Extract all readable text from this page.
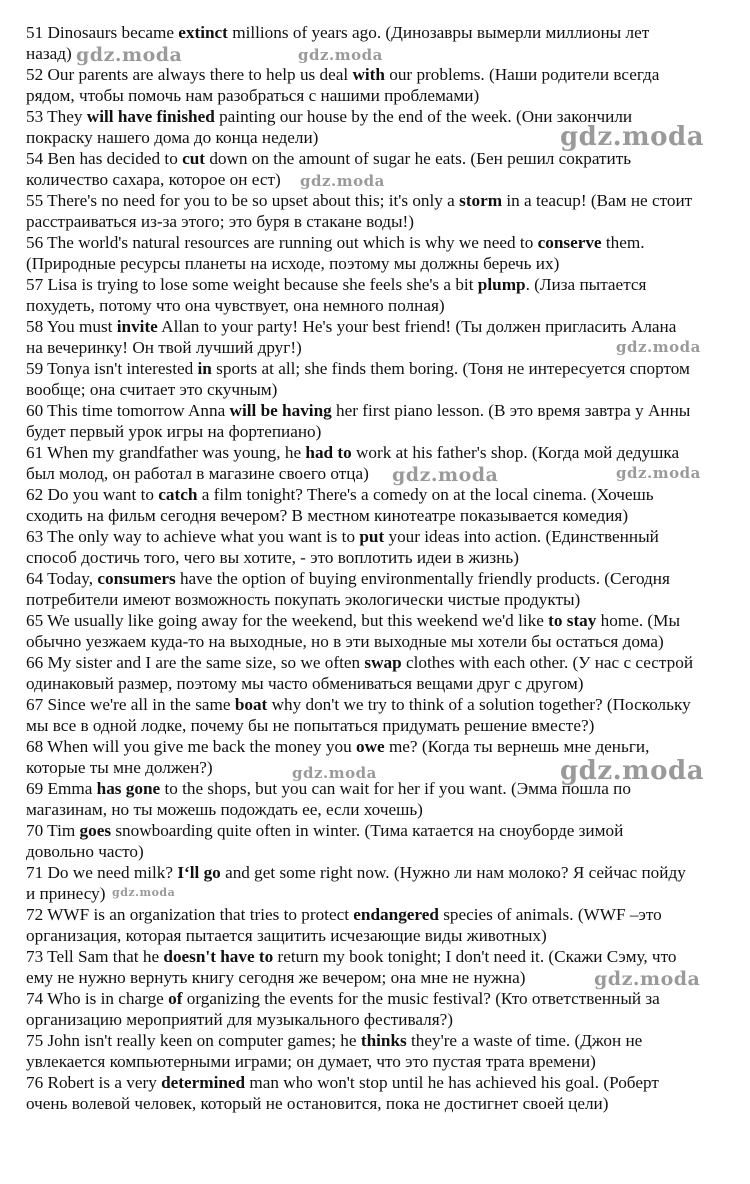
51 Dinosaurs became extinct millions of years ago. (Динозавры вымерли миллионы лет
назад)
52 Our parents are always there to help us deal with our problems. (Наши родители всегда
рядом, чтобы помочь нам разобраться с нашими проблемами)
53 They will have finished painting our house by the end of the week. (Они закончили
покраску нашего дома до конца недели)
54 Ben has decided to cut down on the amount of sugar he eats. (Бен решил сократить
количество сахара, которое он ест)
55 There's no need for you to be so upset about this; it's only a storm in a teacup! (Вам не стоит
расстраиваться из-за этого; это буря в стакане воды!)
56 The world's natural resources are running out which is why we need to conserve them.
(Природные ресурсы планеты на исходе, поэтому мы должны беречь их)
57 Lisa is trying to lose some weight because she feels she's a bit plump. (Лиза пытается
похудеть, потому что она чувствует, она немного полная)
58 You must invite Allan to your party! He's your best friend! (Ты должен пригласить Алана
на вечеринку! Он твой лучший друг!)
59 Tonya isn't interested in sports at all; she finds them boring. (Тоня не интересуется спортом
вообще; она считает это скучным)
60 This time tomorrow Anna will be having her first piano lesson. (В это время завтра у Анны
будет первый урок игры на фортепиано)
61 When my grandfather was young, he had to work at his father's shop. (Когда мой дедушка
был молод, он работал в магазине своего отца)
62 Do you want to catch a film tonight? There's a comedy on at the local cinema. (Хочешь
сходить на фильм сегодня вечером? В местном кинотеатре показывается комедия)
63 The only way to achieve what you want is to put your ideas into action. (Единственный
способ достичь того, чего вы хотите, - это воплотить идеи в жизнь)
64 Today, consumers have the option of buying environmentally friendly products. (Сегодня
потребители имеют возможность покупать экологически чистые продукты)
65 We usually like going away for the weekend, but this weekend we'd like to stay home. (Мы
обычно уезжаем куда-то на выходные, но в эти выходные мы хотели бы остаться дома)
66 My sister and I are the same size, so we often swap clothes with each other. (У нас с сестрой
одинаковый размер, поэтому мы часто обмениваться вещами друг с другом)
67 Since we're all in the same boat why don't we try to think of a solution together? (Поскольку
мы все в одной лодке, почему бы не попытаться придумать решение вместе?)
68 When will you give me back the money you owe me? (Когда ты вернешь мне деньги,
которые ты мне должен?)
69 Emma has gone to the shops, but you can wait for her if you want. (Эмма пошла по
магазинам, но ты можешь подождать ее, если хочешь)
70 Tim goes snowboarding quite often in winter. (Тима катается на сноуборде зимой
довольно часто)
71 Do we need milk? I‘ll go and get some right now. (Нужно ли нам молоко? Я сейчас пойду
и принесу)
72 WWF is an organization that tries to protect endangered species of animals. (WWF –это
организация, которая пытается защитить исчезающие виды животных)
73 Tell Sam that he doesn't have to return my book tonight; I don't need it. (Скажи Сэму, что
ему не нужно вернуть книгу сегодня же вечером; она мне не нужна)
74 Who is in charge of organizing the events for the music festival? (Кто ответственный за
организацию мероприятий для музыкального фестиваля?)
75 John isn't really keen on computer games; he thinks they're a waste of time. (Джон не
увлекается компьютерными играми; он думает, что это пустая трата времени)
76 Robert is a very determined man who won't stop until he has achieved his goal. (Роберт
очень волевой человек, который не остановится, пока не достигнет своей цели)
gdz.moda	gdz.moda
gdz.moda
gdz.moda
gdz.moda
gdz.moda	gdz.moda
gdz.moda	gdz.moda
gdz.moda
gdz.moda
